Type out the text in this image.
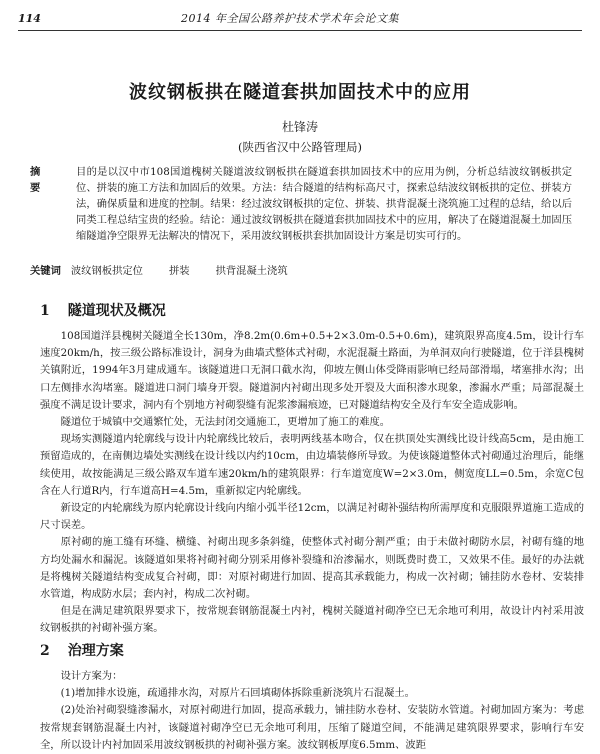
114	2014 年全国公路养护技术学术年会论文集
波纹钢板拱在隧道套拱加固技术中的应用
杜锋涛
(陕西省汉中公路管理局)
摘 要
目的是以汉中市108国道槐树关隧道波纹钢板拱在隧道套拱加固技术中的应用为例，分析总结波纹钢板拱定位、拼装的施工方法和加固后的效果。方法：结合隧道的结构标高尺寸，探索总结波纹钢板拱的定位、拼装方法，确保质量和进度的控制。结果：经过波纹钢板拱的定位、拼装、拱背混凝土浇筑施工过程的总结，给以后同类工程总结宝贵的经验。结论：通过波纹钢板拱在隧道套拱加固技术中的应用，解决了在隧道混凝土加固压缩隧道净空限界无法解决的情况下，采用波纹钢板拱套拱加固设计方案是切实可行的。
关键词 波纹钢板拱定位	拼装	拱背混凝土浇筑
1 隧道现状及概况

108国道洋县槐树关隧道全长130m，净8.2m(0.6m+0.5+2×3.0m-0.5+0.6m)，建筑限界高度4.5m，设计行车速度20km/h，按三级公路标准设计，洞身为曲墙式整体式衬砌，水泥混凝土路面，为单洞双向行驶隧道，位于洋县槐树关镇附近，1994年3月建成通车。该隧道进口无洞口截水沟，仰坡左侧山体受降雨影响已经局部滑塌，堵塞排水沟；出口左侧排水沟堵塞。隧道进口洞门墙身开裂。隧道洞内衬砌出现多处开裂及大面积渗水现象，渗漏水严重；局部混凝土强度不满足设计要求，洞内有个别地方衬砌裂缝有泥浆渗漏痕迹，已对隧道结构安全及行车安全造成影响。

隧道位于城镇中交通繁忙处，无法封闭交通施工，更增加了施工的难度。

现场实测隧道内轮廓线与设计内轮廓线比较后，表明两线基本吻合，仅在拱顶处实测线比设计线高5cm，是由施工预留造成的，在南侧边墙处实测线在设计线以内约10cm，由边墙装修所导致。为使该隧道整体式衬砌通过治理后，能继续使用，故按能满足三级公路双车道车速20km/h的建筑限界：行车道宽度W=2×3.0m，侧宽度LL=0.5m，余宽C包含在人行道R内，行车道高H=4.5m，重新拟定内轮廓线。

新设定的内轮廓线为原内轮廓设计线向内缩小弧半径12cm，以满足衬砌补强结构所需厚度和克服限界道施工造成的尺寸误差。

原衬砌的施工缝有环缝、横缝、衬砌出现多条斜缝，使整体式衬砌分割严重；由于未做衬砌防水层，衬砌有缝的地方均处漏水和漏泥。该隧道如果将衬砌衬砌分别采用修补裂缝和治渗漏水，则既费时费工，又效果不佳。最好的办法就是将槐树关隧道结构变成复合衬砌，即：对原衬砌进行加固、提高其承载能力，构成一次衬砌；铺挂防水卷材、安装排水管道，构成防水层；套内衬，构成二次衬砌。

但是在满足建筑限界要求下，按常规套钢筋混凝土内衬，槐树关隧道衬砌净空已无余地可利用，故设计内衬采用波纹钢板拱的衬砌补强方案。

2 治理方案

设计方案为：

(1)增加排水设施，疏通排水沟，对原片石回填砌体拆除重新浇筑片石混凝土。

(2)处治衬砌裂缝渗漏水，对原衬砌进行加固，提高承载力，铺挂防水卷材、安装防水管道。衬砌加固方案为：考虑按常规套钢筋混凝土内衬，该隧道衬砌净空已无余地可利用，压缩了隧道空间，不能满足建筑限界要求，影响行车安全，所以设计内衬加固采用波纹钢板拱的衬砌补强方案。波纹钢板厚度6.5mm、波距
